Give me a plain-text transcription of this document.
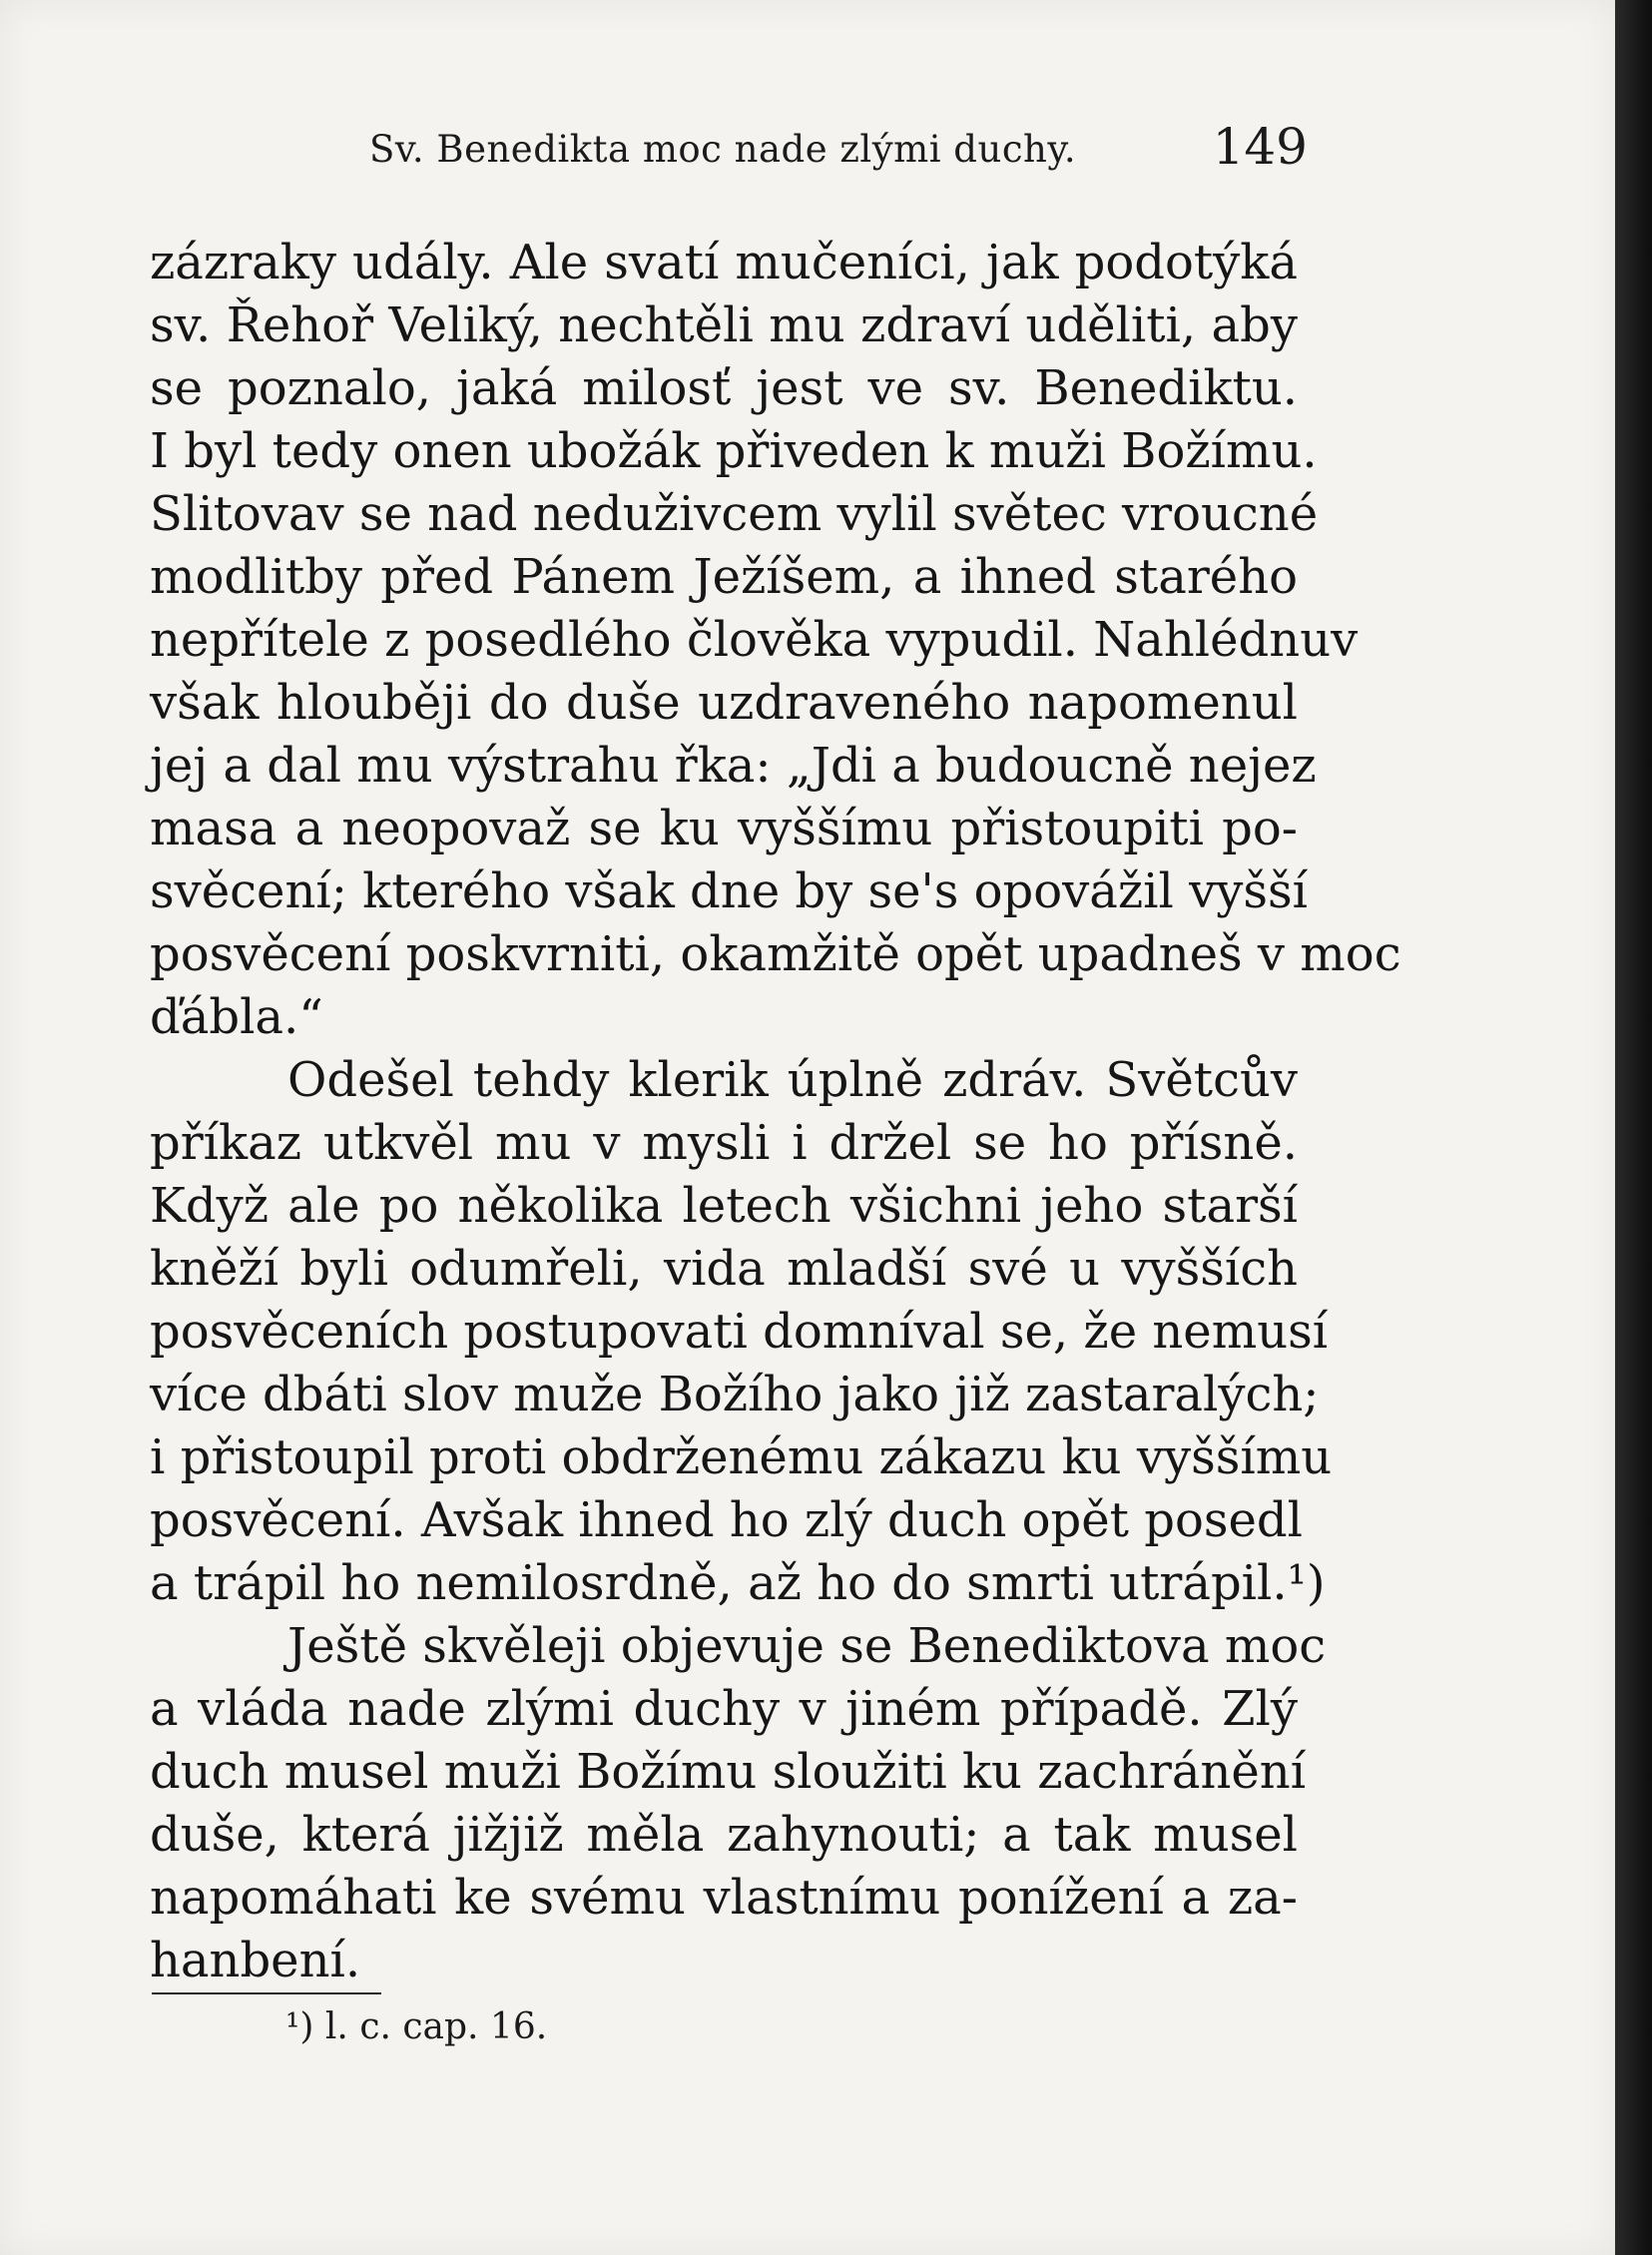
Sv. Benedikta moc nade zlými duchy.	149
zázraky udály. Ale svatí mučeníci, jak podotýká
sv. Řehoř Veliký, nechtěli mu zdraví uděliti, aby
se poznalo, jaká milosť jest ve sv. Benediktu.
I byl tedy onen ubožák přiveden k muži Božímu.
Slitovav se nad neduživcem vylil světec vroucné
modlitby před Pánem Ježíšem, a ihned starého
nepřítele z posedlého člověka vypudil. Nahlédnuv
však hlouběji do duše uzdraveného napomenul
jej a dal mu výstrahu řka: „Jdi a budoucně nejez
masa a neopovaž se ku vyššímu přistoupiti po-
svěcení; kterého však dne by se's opovážil vyšší
posvěcení poskvrniti, okamžitě opět upadneš v moc
ďábla.“
Odešel tehdy klerik úplně zdráv. Světcův
příkaz utkvěl mu v mysli i držel se ho přísně.
Když ale po několika letech všichni jeho starší
kněží byli odumřeli, vida mladší své u vyšších
posvěceních postupovati domníval se, že nemusí
více dbáti slov muže Božího jako již zastaralých;
i přistoupil proti obdrženému zákazu ku vyššímu
posvěcení. Avšak ihned ho zlý duch opět posedl
a trápil ho nemilosrdně, až ho do smrti utrápil.¹)
Ještě skvěleji objevuje se Benediktova moc
a vláda nade zlými duchy v jiném případě. Zlý
duch musel muži Božímu sloužiti ku zachránění
duše, která jižjiž měla zahynouti; a tak musel
napomáhati ke svému vlastnímu ponížení a za-
hanbení.
¹) l. c. cap. 16.
